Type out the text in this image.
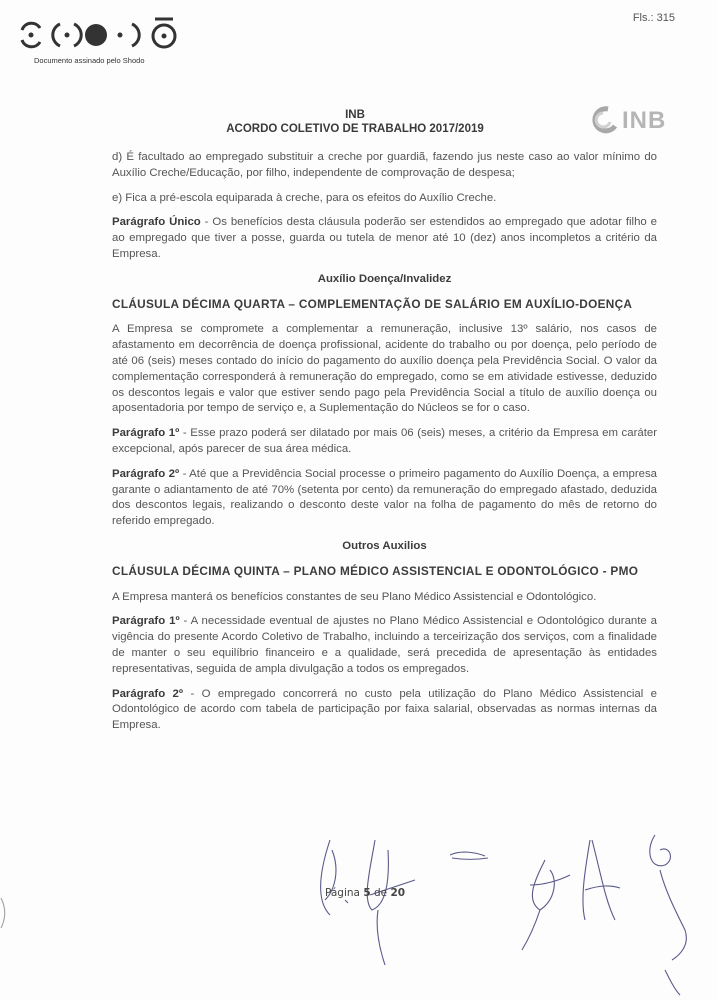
Fls.: 315
Documento assinado pelo Shodo
INB
ACORDO COLETIVO DE TRABALHO 2017/2019	INB

d) É facultado ao empregado substituir a creche por guardiã, fazendo jus neste caso ao valor mínimo do Auxílio Creche/Educação, por filho, independente de comprovação de despesa;

e) Fica a pré-escola equiparada à creche, para os efeitos do Auxílio Creche.

Parágrafo Único - Os benefícios desta cláusula poderão ser estendidos ao empregado que adotar filho e ao empregado que tiver a posse, guarda ou tutela de menor até 10 (dez) anos incompletos a critério da Empresa.

Auxílio Doença/Invalidez
CLÁUSULA DÉCIMA QUARTA – COMPLEMENTAÇÃO DE SALÁRIO EM AUXÍLIO-DOENÇA

A Empresa se compromete a complementar a remuneração, inclusive 13º salário, nos casos de afastamento em decorrência de doença profissional, acidente do trabalho ou por doença, pelo período de até 06 (seis) meses contado do início do pagamento do auxílio doença pela Previdência Social. O valor da complementação corresponderá à remuneração do empregado, como se em atividade estivesse, deduzido os descontos legais e valor que estiver sendo pago pela Previdência Social a título de auxílio doença ou aposentadoria por tempo de serviço e, a Suplementação do Núcleos se for o caso.

Parágrafo 1º - Esse prazo poderá ser dilatado por mais 06 (seis) meses, a critério da Empresa em caráter excepcional, após parecer de sua área médica.

Parágrafo 2º - Até que a Previdência Social processe o primeiro pagamento do Auxílio Doença, a empresa garante o adiantamento de até 70% (setenta por cento) da remuneração do empregado afastado, deduzida dos descontos legais, realizando o desconto deste valor na folha de pagamento do mês de retorno do referido empregado.

Outros Auxilios
CLÁUSULA DÉCIMA QUINTA – PLANO MÉDICO ASSISTENCIAL E ODONTOLÓGICO - PMO

A Empresa manterá os benefícios constantes de seu Plano Médico Assistencial e Odontológico.

Parágrafo 1º - A necessidade eventual de ajustes no Plano Médico Assistencial e Odontológico durante a vigência do presente Acordo Coletivo de Trabalho, incluindo a terceirização dos serviços, com a finalidade de manter o seu equilíbrio financeiro e a qualidade, será precedida de apresentação às entidades representativas, seguida de ampla divulgação a todos os empregados.

Parágrafo 2º - O empregado concorrerá no custo pela utilização do Plano Médico Assistencial e Odontológico de acordo com tabela de participação por faixa salarial, observadas as normas internas da Empresa.

Página 5 de 20
